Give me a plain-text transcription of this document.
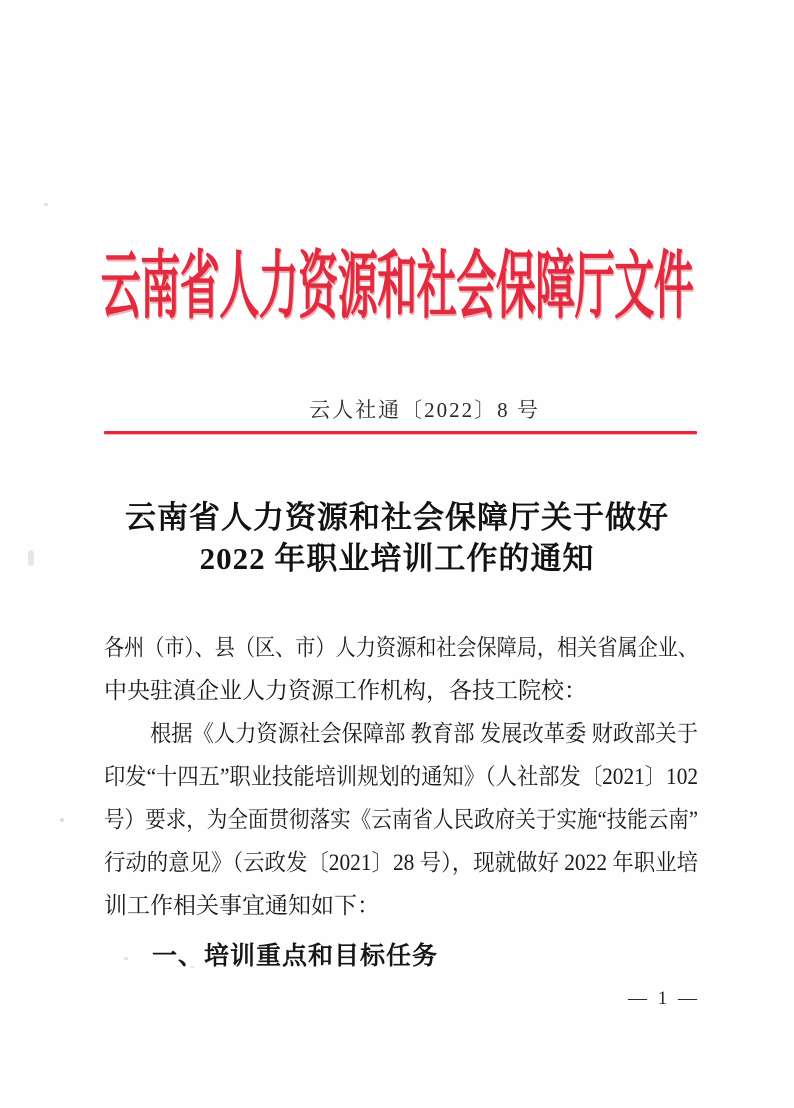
云南省人力资源和社会保障厅文件
云人社通〔2022〕8 号
云南省人力资源和社会保障厅关于做好
2022 年职业培训工作的通知
各州（市）、县（区、市）人力资源和社会保障局，相关省属企业、
中央驻滇企业人力资源工作机构，各技工院校：
根据《人力资源社会保障部 教育部 发展改革委 财政部关于
印发“十四五”职业技能培训规划的通知》（人社部发〔2021〕102
号）要求，为全面贯彻落实《云南省人民政府关于实施“技能云南”
行动的意见》（云政发〔2021〕28 号），现就做好 2022 年职业培
训工作相关事宜通知如下：
一、培训重点和目标任务
— 1 —
